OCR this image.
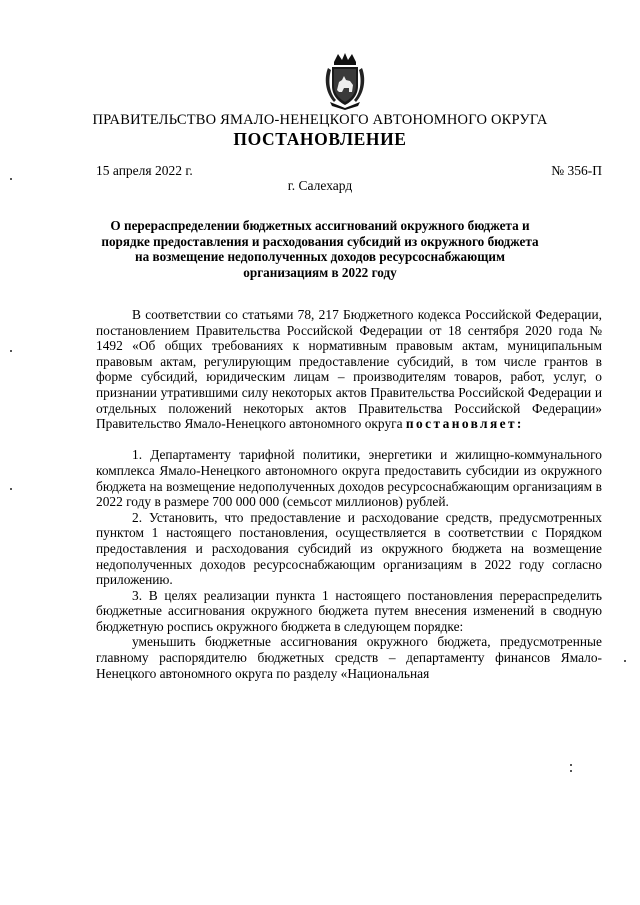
ПРАВИТЕЛЬСТВО ЯМАЛО-НЕНЕЦКОГО АВТОНОМНОГО ОКРУГА
ПОСТАНОВЛЕНИЕ
15 апреля 2022 г.	№ 356-П
г. Салехард
О перераспределении бюджетных ассигнований окружного бюджета и порядке предоставления и расходования субсидий из окружного бюджета на возмещение недополученных доходов ресурсоснабжающим организациям в 2022 году

В соответствии со статьями 78, 217 Бюджетного кодекса Российской Федерации, постановлением Правительства Российской Федерации от 18 сентября 2020 года № 1492 «Об общих требованиях к нормативным правовым актам, муниципальным правовым актам, регулирующим предоставление субсидий, в том числе грантов в форме субсидий, юридическим лицам – производителям товаров, работ, услуг, о признании утратившими силу некоторых актов Правительства Российской Федерации и отдельных положений некоторых актов Правительства Российской Федерации» Правительство Ямало-Ненецкого автономного округа постановляет:

1. Департаменту тарифной политики, энергетики и жилищно-коммунального комплекса Ямало-Ненецкого автономного округа предоставить субсидии из окружного бюджета на возмещение недополученных доходов ресурсоснабжающим организациям в 2022 году в размере 700 000 000 (семьсот миллионов) рублей.

2. Установить, что предоставление и расходование средств, предусмотренных пунктом 1 настоящего постановления, осуществляется в соответствии с Порядком предоставления и расходования субсидий из окружного бюджета на возмещение недополученных доходов ресурсоснабжающим организациям в 2022 году согласно приложению.

3. В целях реализации пункта 1 настоящего постановления перераспределить бюджетные ассигнования окружного бюджета путем внесения изменений в сводную бюджетную роспись окружного бюджета в следующем порядке:

уменьшить бюджетные ассигнования окружного бюджета, предусмотренные главному распорядителю бюджетных средств – департаменту финансов Ямало-Ненецкого автономного округа по разделу «Национальная
